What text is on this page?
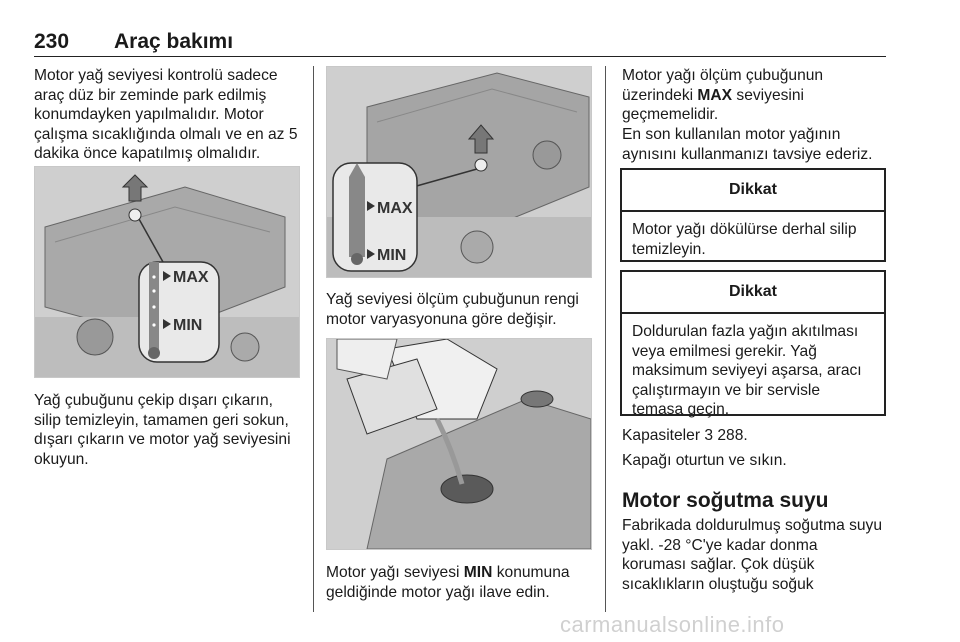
230 Araç bakımı

Motor yağ seviyesi kontrolü sadece araç düz bir zeminde park edilmiş konumdayken yapılmalıdır. Motor çalışma sıcaklığında olmalı ve en az 5 dakika önce kapatılmış olmalıdır.

MAX
MIN

Yağ çubuğunu çekip dışarı çıkarın, silip temizleyin, tamamen geri sokun, dışarı çıkarın ve motor yağ seviyesini okuyun.

MAX
MIN

Yağ seviyesi ölçüm çubuğunun rengi motor varyasyonuna göre değişir.

Motor yağı seviyesi MIN konumuna geldiğinde motor yağı ilave edin.

Motor yağı ölçüm çubuğunun üzerindeki MAX seviyesini geçmemelidir.

En son kullanılan motor yağının aynısını kullanmanızı tavsiye ederiz.

Dikkat
Motor yağı dökülürse derhal silip temizleyin.
Dikkat
Doldurulan fazla yağın akıtılması veya emilmesi gerekir. Yağ maksimum seviyeyi aşarsa, aracı çalıştırmayın ve bir servisle temasa geçin.

Kapasiteler 3 288.

Kapağı oturtun ve sıkın.

Motor soğutma suyu

Fabrikada doldurulmuş soğutma suyu yakl. -28 °C'ye kadar donma koruması sağlar. Çok düşük sıcaklıkların oluştuğu soğuk

carmanualsonline.info
